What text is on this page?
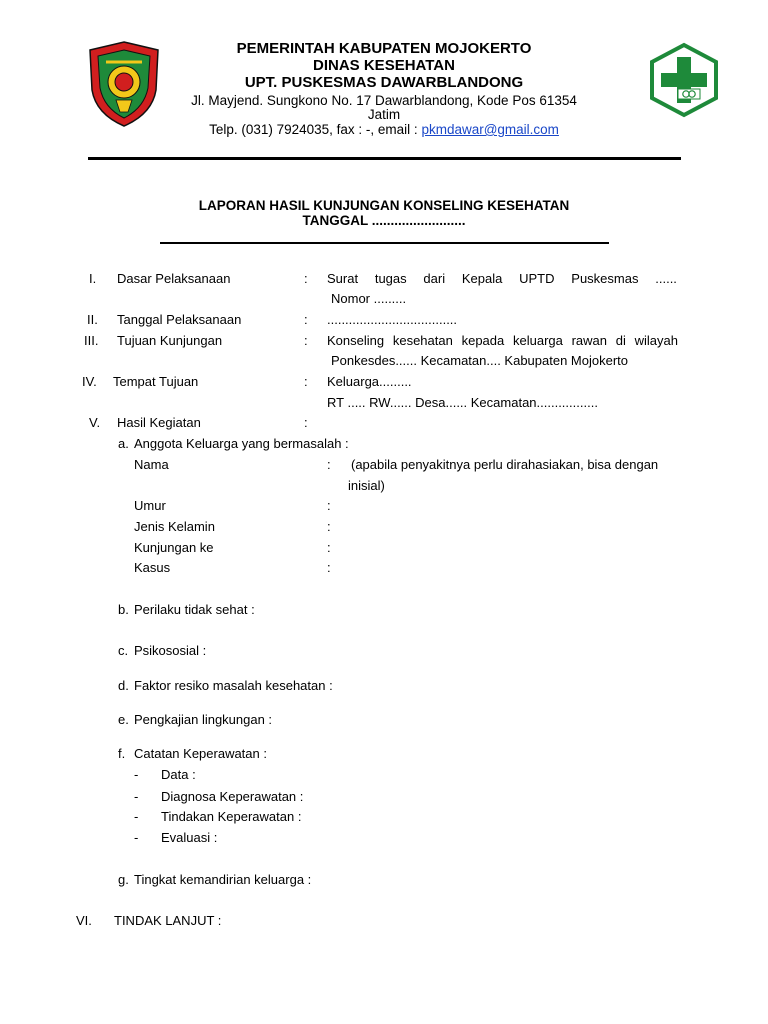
PEMERINTAH KABUPATEN MOJOKERTO
DINAS KESEHATAN
UPT. PUSKESMAS DAWARBLANDONG
Jl. Mayjend. Sungkono No. 17 Dawarblandong, Kode Pos 61354
Jatim
Telp. (031) 7924035, fax : -, email : pkmdawar@gmail.com
LAPORAN HASIL KUNJUNGAN KONSELING KESEHATAN
TANGGAL .........................
I. Dasar Pelaksanaan	: Surat tugas dari Kepala UPTD Puskesmas ......
Nomor .........
II. Tanggal Pelaksanaan	: ....................................
III. Tujuan Kunjungan	: Konseling kesehatan kepada keluarga rawan di wilayah
Ponkesdes...... Kecamatan.... Kabupaten Mojokerto
IV. Tempat Tujuan	: Keluarga.........
RT ..... RW...... Desa...... Kecamatan.................
V. Hasil Kegiatan	:
a. Anggota Keluarga yang bermasalah :
Nama	: (apabila penyakitnya perlu dirahasiakan, bisa dengan
inisial)
Umur	:
Jenis Kelamin	:
Kunjungan ke	:
Kasus	:
b. Perilaku tidak sehat :
c. Psikososial :
d. Faktor resiko masalah kesehatan :
e. Pengkajian lingkungan :
f. Catatan Keperawatan :
- Data :
- Diagnosa Keperawatan :
- Tindakan Keperawatan :
- Evaluasi :
g. Tingkat kemandirian keluarga :
VI. TINDAK LANJUT :
